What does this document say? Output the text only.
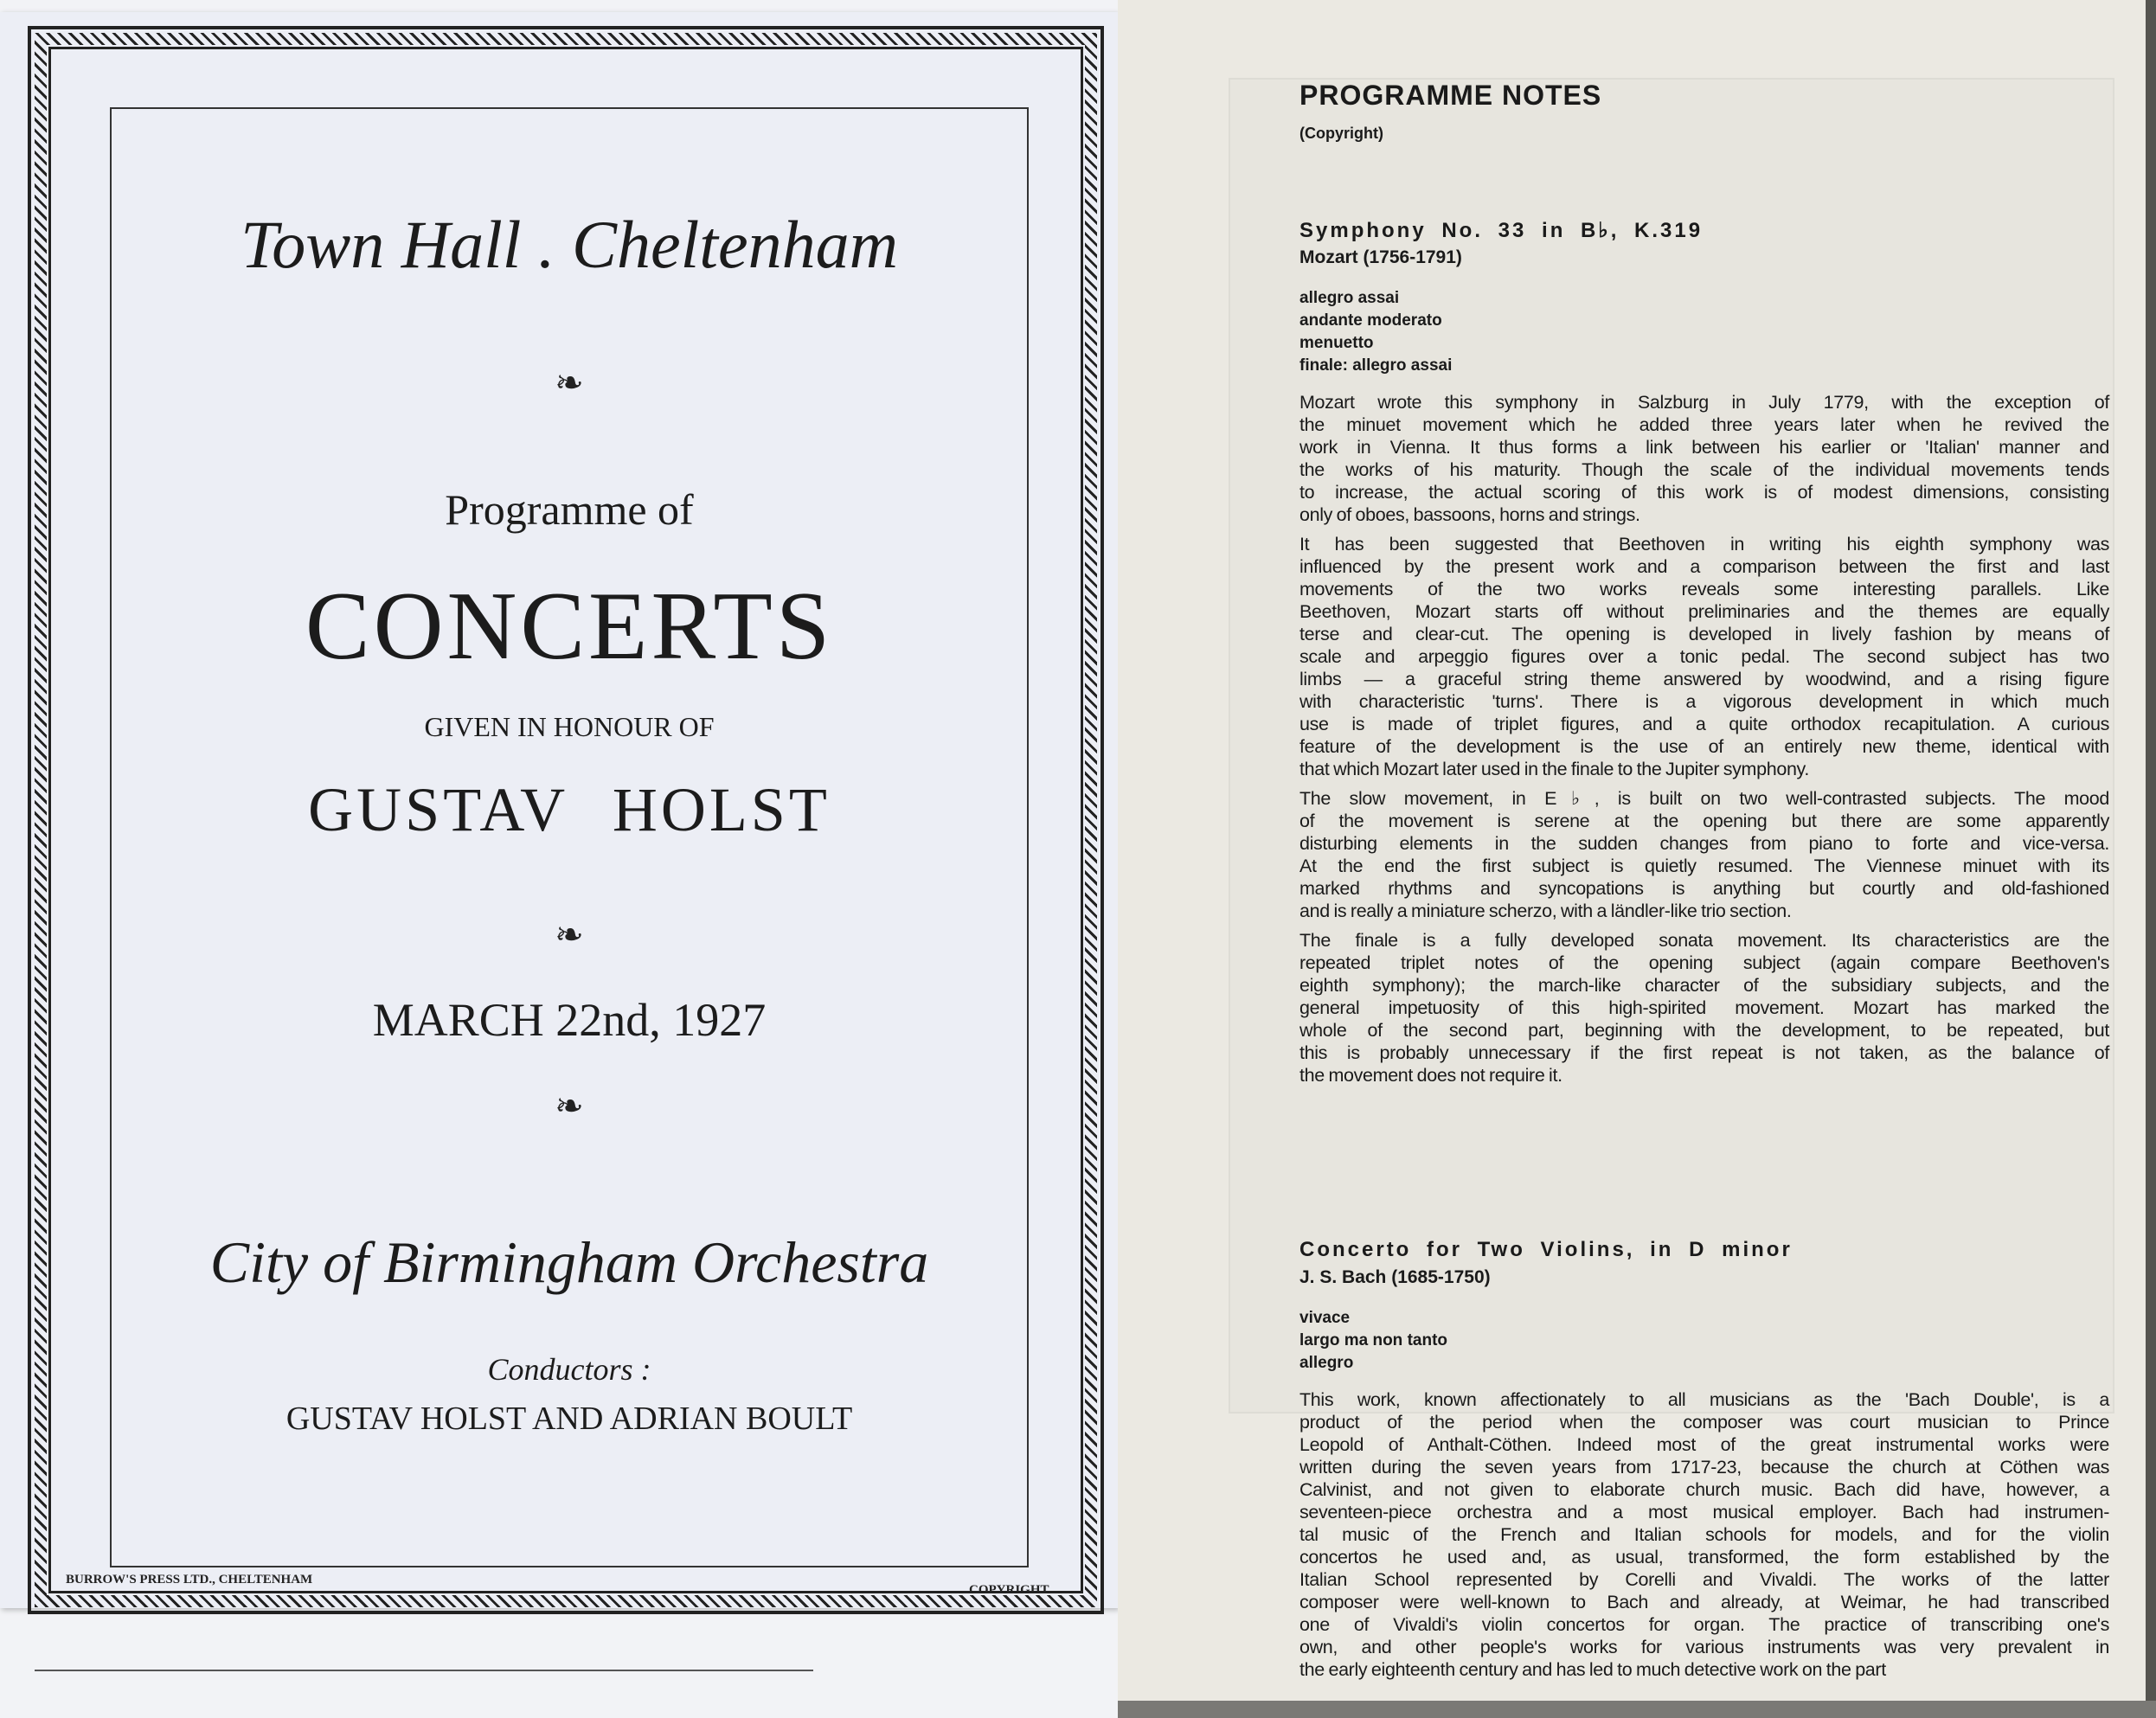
Town Hall . Cheltenham
❧
Programme of
CONCERTS
GIVEN IN HONOUR OF
GUSTAV HOLST
❧
MARCH 22nd, 1927
❧
City of Birmingham Orchestra
Conductors :
GUSTAV HOLST AND ADRIAN BOULT
BURROW'S PRESS LTD., CHELTENHAM
COPYRIGHT
PROGRAMME NOTES
(Copyright)
Symphony No. 33 in B♭, K.319
Mozart (1756-1791)
allegro assai
andante moderato
menuetto
finale: allegro assai
Mozart wrote this symphony in Salzburg in July 1779, with the exception of
the minuet movement which he added three years later when he revived the
work in Vienna. It thus forms a link between his earlier or 'Italian' manner and
the works of his maturity. Though the scale of the individual movements tends
to increase, the actual scoring of this work is of modest dimensions, consisting
only of oboes, bassoons, horns and strings.
It has been suggested that Beethoven in writing his eighth symphony was
influenced by the present work and a comparison between the first and last
movements of the two works reveals some interesting parallels. Like
Beethoven, Mozart starts off without preliminaries and the themes are equally
terse and clear-cut. The opening is developed in lively fashion by means of
scale and arpeggio figures over a tonic pedal. The second subject has two
limbs — a graceful string theme answered by woodwind, and a rising figure
with characteristic 'turns'. There is a vigorous development in which much
use is made of triplet figures, and a quite orthodox recapitulation. A curious
feature of the development is the use of an entirely new theme, identical with
that which Mozart later used in the finale to the Jupiter symphony.
The slow movement, in E♭, is built on two well-contrasted subjects. The mood
of the movement is serene at the opening but there are some apparently
disturbing elements in the sudden changes from piano to forte and vice-versa.
At the end the first subject is quietly resumed. The Viennese minuet with its
marked rhythms and syncopations is anything but courtly and old-fashioned
and is really a miniature scherzo, with a ländler-like trio section.
The finale is a fully developed sonata movement. Its characteristics are the
repeated triplet notes of the opening subject (again compare Beethoven's
eighth symphony); the march-like character of the subsidiary subjects, and the
general impetuosity of this high-spirited movement. Mozart has marked the
whole of the second part, beginning with the development, to be repeated, but
this is probably unnecessary if the first repeat is not taken, as the balance of
the movement does not require it.
Concerto for Two Violins, in D minor
J. S. Bach (1685-1750)
vivace
largo ma non tanto
allegro
This work, known affectionately to all musicians as the 'Bach Double', is a
product of the period when the composer was court musician to Prince
Leopold of Anthalt-Cöthen. Indeed most of the great instrumental works were
written during the seven years from 1717-23, because the church at Cöthen was
Calvinist, and not given to elaborate church music. Bach did have, however, a
seventeen-piece orchestra and a most musical employer. Bach had instrumen-
tal music of the French and Italian schools for models, and for the violin
concertos he used and, as usual, transformed, the form established by the
Italian School represented by Corelli and Vivaldi. The works of the latter
composer were well-known to Bach and already, at Weimar, he had transcribed
one of Vivaldi's violin concertos for organ. The practice of transcribing one's
own, and other people's works for various instruments was very prevalent in
the early eighteenth century and has led to much detective work on the part
